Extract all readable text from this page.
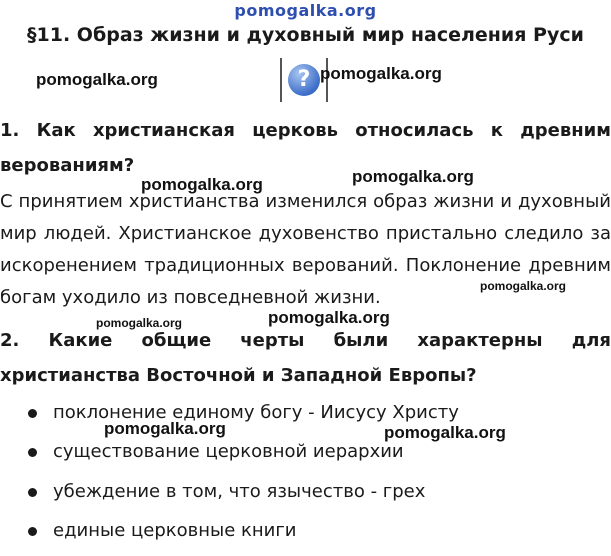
pomogalka.org
§11. Образ жизни и духовный мир населения Руси
pomogalka.org	? pomogalka.org
1. Как христианская церковь относилась к древним верованиям?
pomogalka.org	pomogalka.org
С принятием христианства изменился образ жизни и духовный мир людей. Христианское духовенство пристально следило за искоренением традиционных верований. Поклонение древним богам уходило из повседневной жизни.
pomogalka.org
pomogalka.org	pomogalka.org
2. Какие общие черты были характерны для христианства Восточной и Западной Европы?
поклонение единому богу - Иисусу Христу
существование церковной иерархии
убеждение в том, что язычество - грех
единые церковные книги
pomogalka.org	pomogalka.org
